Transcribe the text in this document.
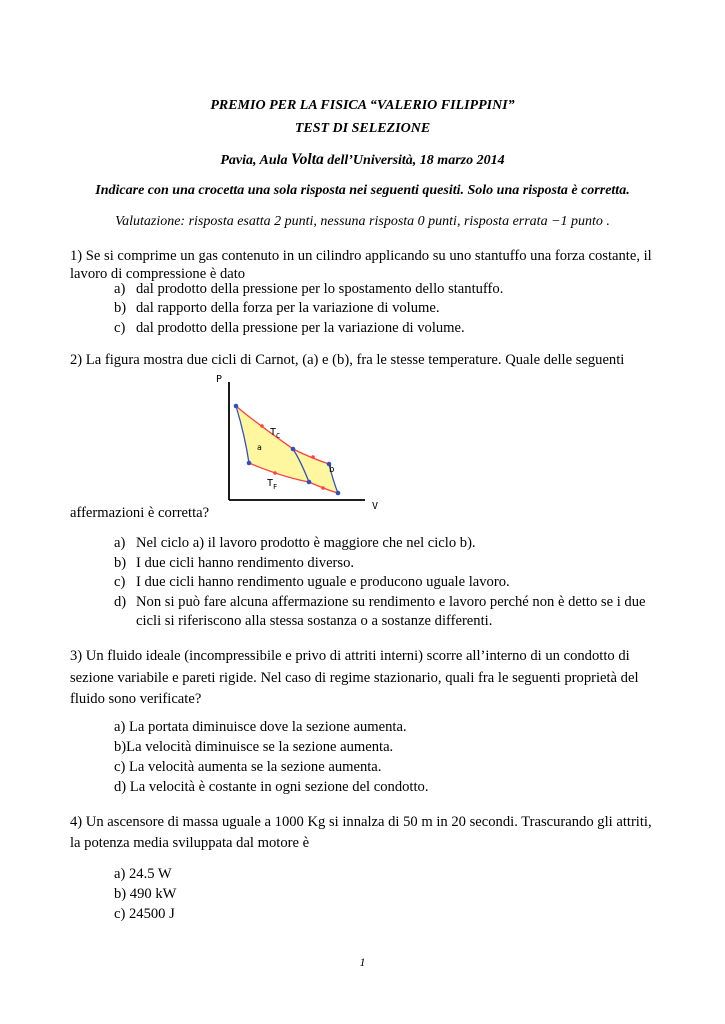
PREMIO PER LA FISICA “VALERIO FILIPPINI”
TEST DI SELEZIONE
Pavia, Aula Volta dell’Università, 18 marzo 2014
Indicare con una crocetta una sola risposta nei seguenti quesiti. Solo una risposta è corretta.
Valutazione: risposta esatta 2 punti, nessuna risposta 0 punti, risposta errata −1 punto .
1) Se si comprime un gas contenuto in un cilindro applicando su uno stantuffo una forza costante, il
lavoro di compressione è dato
a) dal prodotto della pressione per lo spostamento dello stantuffo.
b) dal rapporto della forza per la variazione di volume.
c) dal prodotto della pressione per la variazione di volume.
2) La figura mostra due cicli di Carnot, (a) e (b), fra le stesse temperature. Quale delle seguenti
P
V
$T_C$
$T_F$
a
b
affermazioni è corretta?
a) Nel ciclo a) il lavoro prodotto è maggiore che nel ciclo b).
b) I due cicli hanno rendimento diverso.
c) I due cicli hanno rendimento uguale e producono uguale lavoro.
d) Non si può fare alcuna affermazione su rendimento e lavoro perché non è detto se i due
cicli si riferiscono alla stessa sostanza o a sostanze differenti.
3) Un fluido ideale (incompressibile e privo di attriti interni) scorre all’interno di un condotto di
sezione variabile e pareti rigide. Nel caso di regime stazionario, quali fra le seguenti proprietà del
fluido sono verificate?
a) La portata diminuisce dove la sezione aumenta.
b)La velocità diminuisce se la sezione aumenta.
c) La velocità aumenta se la sezione aumenta.
d) La velocità è costante in ogni sezione del condotto.
4) Un ascensore di massa uguale a 1000 Kg si innalza di 50 m in 20 secondi. Trascurando gli attriti,
la potenza media sviluppata dal motore è
a) 24.5 W
b) 490 kW
c) 24500 J
1
